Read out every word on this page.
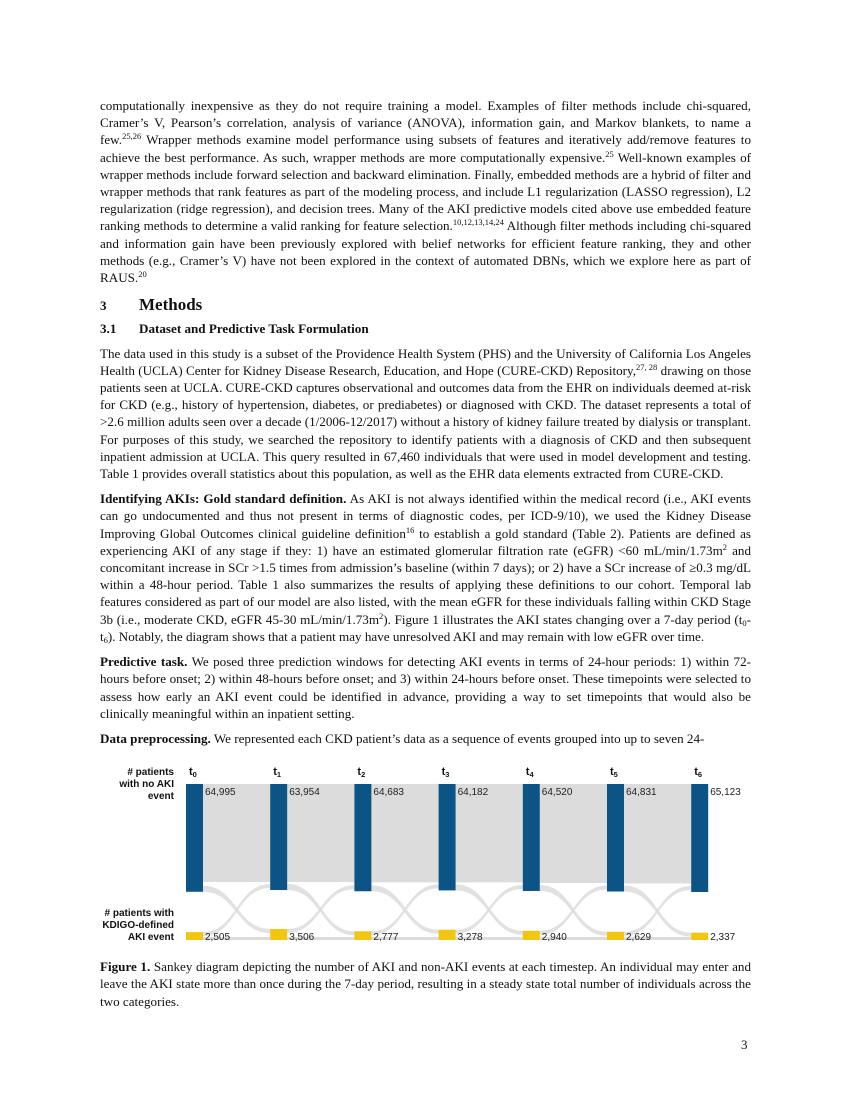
computationally inexpensive as they do not require training a model. Examples of filter methods include chi-squared, Cramer’s V, Pearson’s correlation, analysis of variance (ANOVA), information gain, and Markov blankets, to name a few.$^{25,26}$ Wrapper methods examine model performance using subsets of features and iteratively add/remove features to achieve the best performance. As such, wrapper methods are more computationally expensive.$^{25}$ Well-known examples of wrapper methods include forward selection and backward elimination. Finally, embedded methods are a hybrid of filter and wrapper methods that rank features as part of the modeling process, and include L1 regularization (LASSO regression), L2 regularization (ridge regression), and decision trees. Many of the AKI predictive models cited above use embedded feature ranking methods to determine a valid ranking for feature selection.$^{10,12,13,14,24}$ Although filter methods including chi-squared and information gain have been previously explored with belief networks for efficient feature ranking, they and other methods (e.g., Cramer’s V) have not been explored in the context of automated DBNs, which we explore here as part of RAUS.$^{20}$

3	Methods
3.1	Dataset and Predictive Task Formulation

The data used in this study is a subset of the Providence Health System (PHS) and the University of California Los Angeles Health (UCLA) Center for Kidney Disease Research, Education, and Hope (CURE-CKD) Repository,$^{27, 28}$ drawing on those patients seen at UCLA. CURE-CKD captures observational and outcomes data from the EHR on individuals deemed at-risk for CKD (e.g., history of hypertension, diabetes, or prediabetes) or diagnosed with CKD. The dataset represents a total of >2.6 million adults seen over a decade (1/2006-12/2017) without a history of kidney failure treated by dialysis or transplant. For purposes of this study, we searched the repository to identify patients with a diagnosis of CKD and then subsequent inpatient admission at UCLA. This query resulted in 67,460 individuals that were used in model development and testing. Table 1 provides overall statistics about this population, as well as the EHR data elements extracted from CURE-CKD.

Identifying AKIs: Gold standard definition. As AKI is not always identified within the medical record (i.e., AKI events can go undocumented and thus not present in terms of diagnostic codes, per ICD-9/10), we used the Kidney Disease Improving Global Outcomes clinical guideline definition$^{16}$ to establish a gold standard (Table 2). Patients are defined as experiencing AKI of any stage if they: 1) have an estimated glomerular filtration rate (eGFR) <60 $mL/\min/1.73m^2$ and concomitant increase in SCr >1.5 times from admission’s baseline (within 7 days); or 2) have a SCr increase of ≥0.3 mg/dL within a 48-hour period. Table 1 also summarizes the results of applying these definitions to our cohort. Temporal lab features considered as part of our model are also listed, with the mean eGFR for these individuals falling within CKD Stage 3b (i.e., moderate CKD, eGFR 45-30 $mL/\min/1.73m^2$). Figure 1 illustrates the AKI states changing over a 7-day period $(t_0-t_6)$. Notably, the diagram shows that a patient may have unresolved AKI and may remain with low eGFR over time.

Predictive task. We posed three prediction windows for detecting AKI events in terms of 24-hour periods: 1) within 72-hours before onset; 2) within 48-hours before onset; and 3) within 24-hours before onset. These timepoints were selected to assess how early an AKI event could be identified in advance, providing a way to set timepoints that would also be clinically meaningful within an inpatient setting.

Data preprocessing. We represented each CKD patient’s data as a sequence of events grouped into up to seven 24-

t0
64,995
2,505
t1
63,954
3,506
t2
64,683
2,777
t3
64,182
3,278
t4
64,520
2,940
t5
64,831
2,629
t6
65,123
2,337
# patients
with no AKI
event
# patients with
KDIGO-defined
AKI event

Figure 1. Sankey diagram depicting the number of AKI and non-AKI events at each timestep. An individual may enter and leave the AKI state more than once during the 7-day period, resulting in a steady state total number of individuals across the two categories.

3
